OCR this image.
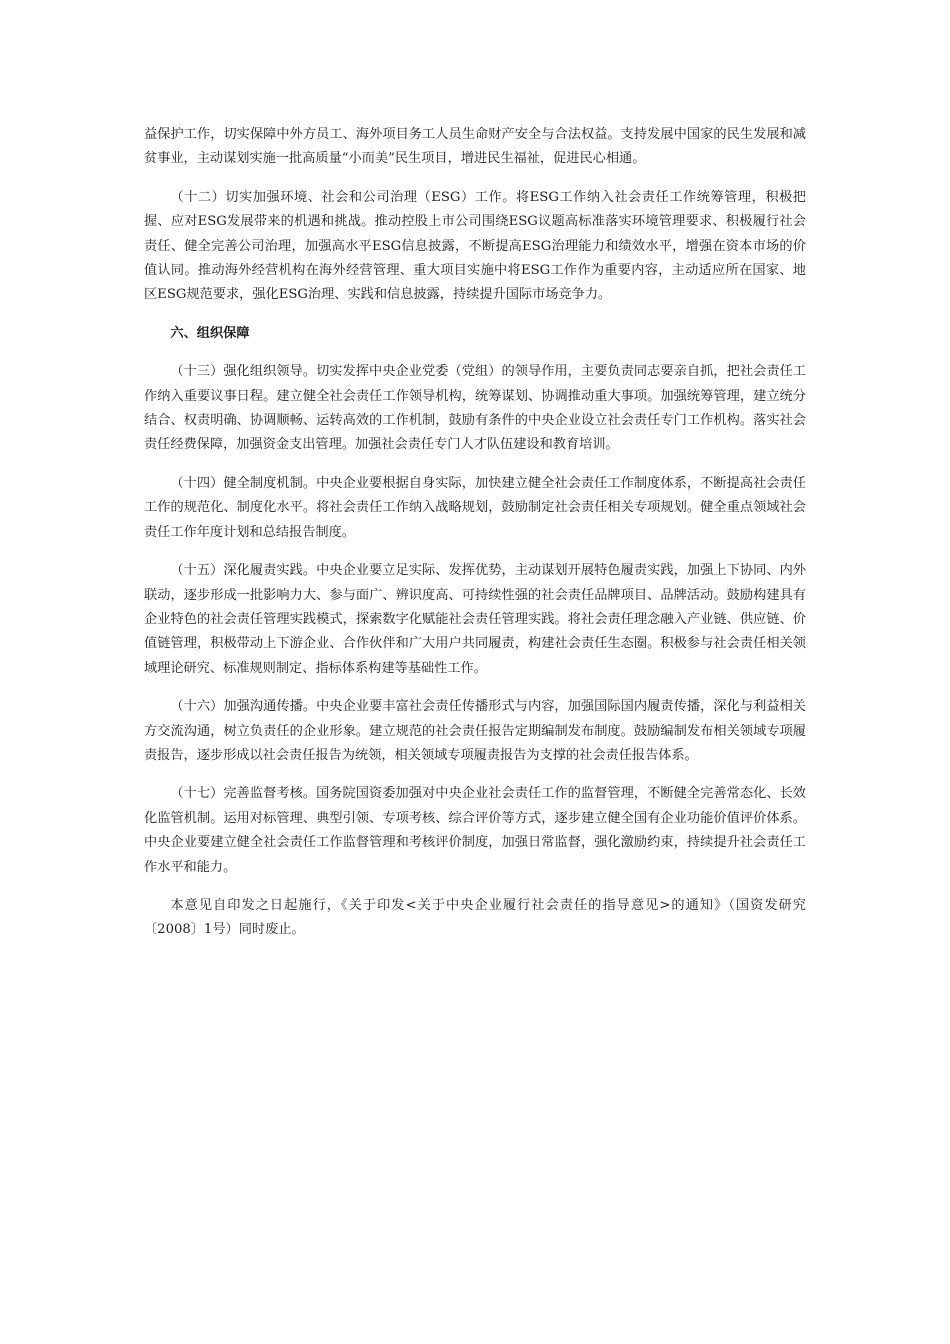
益保护工作，切实保障中外方员工、海外项目务工人员生命财产安全与合法权益。支持发展中国家的民生发展和减贫事业，主动谋划实施一批高质量“小而美”民生项目，增进民生福祉，促进民心相通。

（十二）切实加强环境、社会和公司治理（ESG）工作。将ESG工作纳入社会责任工作统筹管理，积极把握、应对ESG发展带来的机遇和挑战。推动控股上市公司围绕ESG议题高标准落实环境管理要求、积极履行社会责任、健全完善公司治理，加强高水平ESG信息披露，不断提高ESG治理能力和绩效水平，增强在资本市场的价值认同。推动海外经营机构在海外经营管理、重大项目实施中将ESG工作作为重要内容，主动适应所在国家、地区ESG规范要求，强化ESG治理、实践和信息披露，持续提升国际市场竞争力。

六、组织保障

（十三）强化组织领导。切实发挥中央企业党委（党组）的领导作用，主要负责同志要亲自抓，把社会责任工作纳入重要议事日程。建立健全社会责任工作领导机构，统筹谋划、协调推动重大事项。加强统筹管理，建立统分结合、权责明确、协调顺畅、运转高效的工作机制，鼓励有条件的中央企业设立社会责任专门工作机构。落实社会责任经费保障，加强资金支出管理。加强社会责任专门人才队伍建设和教育培训。

（十四）健全制度机制。中央企业要根据自身实际，加快建立健全社会责任工作制度体系，不断提高社会责任工作的规范化、制度化水平。将社会责任工作纳入战略规划，鼓励制定社会责任相关专项规划。健全重点领域社会责任工作年度计划和总结报告制度。

（十五）深化履责实践。中央企业要立足实际、发挥优势，主动谋划开展特色履责实践，加强上下协同、内外联动，逐步形成一批影响力大、参与面广、辨识度高、可持续性强的社会责任品牌项目、品牌活动。鼓励构建具有企业特色的社会责任管理实践模式，探索数字化赋能社会责任管理实践。将社会责任理念融入产业链、供应链、价值链管理，积极带动上下游企业、合作伙伴和广大用户共同履责，构建社会责任生态圈。积极参与社会责任相关领域理论研究、标准规则制定、指标体系构建等基础性工作。

（十六）加强沟通传播。中央企业要丰富社会责任传播形式与内容，加强国际国内履责传播，深化与利益相关方交流沟通，树立负责任的企业形象。建立规范的社会责任报告定期编制发布制度。鼓励编制发布相关领域专项履责报告，逐步形成以社会责任报告为统领，相关领域专项履责报告为支撑的社会责任报告体系。

（十七）完善监督考核。国务院国资委加强对中央企业社会责任工作的监督管理，不断健全完善常态化、长效化监管机制。运用对标管理、典型引领、专项考核、综合评价等方式，逐步建立健全国有企业功能价值评价体系。中央企业要建立健全社会责任工作监督管理和考核评价制度，加强日常监督，强化激励约束，持续提升社会责任工作水平和能力。

本意见自印发之日起施行，《关于印发<关于中央企业履行社会责任的指导意见>的通知》（国资发研究〔2008〕1号）同时废止。
